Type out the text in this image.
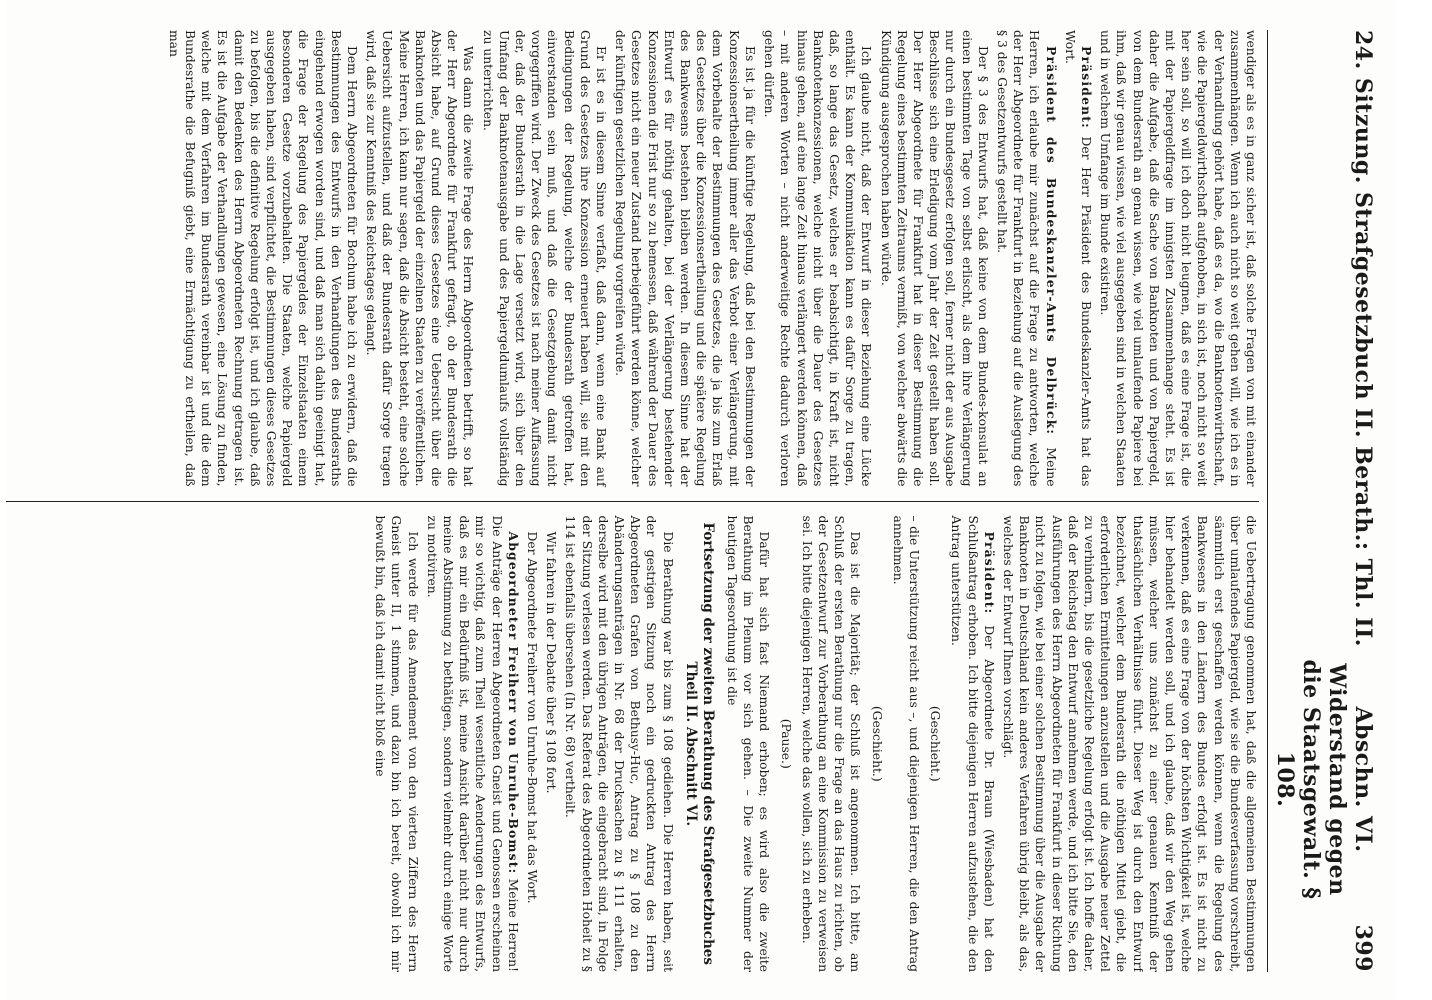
24. Sitzung. Strafgesetzbuch II. Berath.: Thl. II.
Abschn. VI. Widerstand gegen die Staatsgewalt. § 108.
399

wendiger als es in ganz sicher ist, daß solche Fragen von mit einander zusammenhängen. Wenn ich auch nicht so weit gehen will, wie ich es in der Verhandlung gehört habe, daß es da, wo die Banknotenwirthschaft, wie die Papiergeldwirthschaft aufgehoben, in sich ist, noch nicht so weit her sein soll, so will ich doch nicht leugnen, daß es eine Frage ist, die mit der Papiergeldfrage im innigsten Zusammenhange steht. Es ist daher die Aufgabe, daß die Sache von Banknoten und von Papiergeld, von dem Bundesrath an genau wissen, wie viel umlaufende Papiere bei ihm, daß wir genau wissen, wie viel ausgegeben sind in welchen Staaten und in welchem Umfange im Bunde existiren.

Präsident: Der Herr Präsident des Bundeskanzler-Amts hat das Wort.

Präsident des Bundeskanzler-Amts Delbrück: Meine Herren, ich erlaube mir zunächst auf die Frage zu antworten, welche der Herr Abgeordnete für Frankfurt in Beziehung auf die Auslegung des § 3 des Gesetzentwurfs gestellt hat.

Der § 3 des Entwurfs hat, daß keine von dem Bundes-konsulat an einen bestimmten Tage von selbst erlischt, als dem ihre Verlängerung nur durch ein Bundesgesetz erfolgen soll, ferner nicht der aus Ausgabe Beschlüsse sich eine Erledigung vom Jahr der Zeit gestellt haben soll. Der Herr Abgeordnete für Frankfurt hat in dieser Bestimmung die Regelung eines bestimmten Zeitraums vermißt, von welcher abwärts die Kündigung ausgesprochen haben würde.

Ich glaube nicht, daß der Entwurf in dieser Beziehung eine Lücke enthält. Es kann der Kommunikation kann es dafür Sorge zu tragen, daß, so lange das Gesetz, welches er beabsichtigt, in Kraft ist, nicht Banknotenkonzessionen, welche nicht über die Dauer des Gesetzes hinaus gehen, auf eine lange Zeit hinaus verlängert werden können, daß – mit anderen Worten – nicht anderweitige Rechte dadurch verloren gehen dürfen.

Es ist ja für die künftige Regelung, daß bei den Bestimmungen der Konzessionsertheilung immer aller das Verbot einer Verlängerung, mit dem Vorbehalte der Bestimmungen des Gesetzes, die ja bis zum Erlaß des Gesetzes über die Konzessionsertheilung und die spätere Regelung des Bankwesens bestehen bleiben werden. In diesem Sinne hat der Entwurf es für nöthig gehalten, bei der Verlängerung bestehender Konzessionen die Frist nur so zu bemessen, daß während der Dauer des Gesetzes nicht ein neuer Zustand herbeigeführt werden könne, welcher der künftigen gesetzlichen Regelung vorgreifen würde.

Er ist es in diesem Sinne verfaßt, daß dann, wenn eine Bank auf Grund des Gesetzes ihre Konzession erneuert haben will, sie mit den Bedingungen der Regelung, welche der Bundesrath getroffen hat, einverstanden sein muß, und daß die Gesetzgebung damit nicht vorgegriffen wird. Der Zweck des Gesetzes ist nach meiner Auffassung der, daß der Bundesrath in die Lage versetzt wird, sich über den Umfang der Banknotenausgabe und des Papiergeldumlaufs vollständig zu unterrichten.

Was dann die zweite Frage des Herrn Abgeordneten betrifft, so hat der Herr Abgeordnete für Frankfurt gefragt, ob der Bundesrath die Absicht habe, auf Grund dieses Gesetzes eine Uebersicht über die Banknoten und das Papiergeld der einzelnen Staaten zu veröffentlichen. Meine Herren, ich kann nur sagen, daß die Absicht besteht, eine solche Uebersicht aufzustellen, und daß der Bundesrath dafür Sorge tragen wird, daß sie zur Kenntniß des Reichstages gelangt.

Dem Herrn Abgeordneten für Bochum habe ich zu erwidern, daß die Bestimmungen des Entwurfs in den Verhandlungen des Bundesraths eingehend erwogen worden sind, und daß man sich dahin geeinigt hat, die Frage der Regelung des Papiergeldes der Einzelstaaten einem besonderen Gesetze vorzubehalten. Die Staaten, welche Papiergeld ausgegeben haben, sind verpflichtet, die Bestimmungen dieses Gesetzes zu befolgen, bis die definitive Regelung erfolgt ist, und ich glaube, daß damit den Bedenken des Herrn Abgeordneten Rechnung getragen ist. Es ist die Aufgabe der Verhandlungen gewesen, eine Lösung zu finden, welche mit dem Verfahren im Bundesrath vereinbar ist und die dem Bundesrathe die Befugniß giebt, eine Ermächtigung zu ertheilen, daß man

die Uebertragung genommen hat, daß die allgemeinen Bestimmungen über umlaufendes Papiergeld, wie sie die Bundesverfassung vorschreibt, sämmtlich erst geschaffen werden können, wenn die Regelung des Bankwesens in den Ländern des Bundes erfolgt ist. Es ist nicht zu verkennen, daß es eine Frage von der höchsten Wichtigkeit ist, welche hier behandelt werden soll, und ich glaube, daß wir den Weg gehen müssen, welcher uns zunächst zu einer genauen Kenntniß der thatsächlichen Verhältnisse führt. Dieser Weg ist durch den Entwurf bezeichnet, welcher dem Bundesrath die nöthigen Mittel giebt, die erforderlichen Ermittelungen anzustellen und die Ausgabe neuer Zettel zu verhindern, bis die gesetzliche Regelung erfolgt ist. Ich hoffe daher, daß der Reichstag den Entwurf annehmen werde, und ich bitte Sie, den Ausführungen des Herrn Abgeordneten für Frankfurt in dieser Richtung nicht zu folgen, wie bei einer solchen Bestimmung über die Ausgabe der Banknoten in Deutschland kein anderes Verfahren übrig bleibt, als das, welches der Entwurf Ihnen vorschlägt.

Präsident: Der Abgeordnete Dr. Braun (Wiesbaden) hat den Schlußantrag erhoben. Ich bitte diejenigen Herren aufzustehen, die den Antrag unterstützen.

(Geschieht.)

– die Unterstützung reicht aus –, und diejenigen Herren, die den Antrag annehmen.

(Geschieht.)

Das ist die Majorität; der Schluß ist angenommen. Ich bitte, am Schluß der ersten Berathung nur die Frage an das Haus zu richten, ob der Gesetzentwurf zur Vorberathung an eine Kommission zu verweisen sei. Ich bitte diejenigen Herren, welche das wollen, sich zu erheben.

(Pause.)

Dafür hat sich fast Niemand erhoben; es wird also die zweite Berathung im Plenum vor sich gehen. – Die zweite Nummer der heutigen Tagesordnung ist die

Fortsetzung der zweiten Berathung des Strafgesetzbuches Theil II. Abschnitt VI.

Die Berathung war bis zum § 108 gediehen. Die Herren haben, seit der gestrigen Sitzung noch ein gedruckten Antrag des Herrn Abgeordneten Grafen von Bethusy-Huc, Antrag zu § 108 zu den Abänderungsanträgen in Nr. 68 der Drucksachen zu § 111 erhalten, derselbe wird mit den übrigen Anträgen, die eingebracht sind, in Folge der Sitzung verlesen werden. Das Referat des Abgeordneten Hoheit zu § 114 ist ebenfalls übersehen (In Nr. 68) vertheilt.

Wir fahren in der Debatte über § 108 fort.

Der Abgeordnete Freiherr von Unruhe-Bomst hat das Wort.

Abgeordneter Freiherr von Unruhe-Bomst: Meine Herren! Die Anträge der Herren Abgeordneten Gneist und Genossen erscheinen mir so wichtig, daß zum Theil wesentliche Aenderungen des Entwurfs, daß es mir ein Bedürfniß ist, meine Ansicht darüber nicht nur durch meine Abstimmung zu bethätigen, sondern vielmehr durch einige Worte zu motiviren.

Ich werde für das Amendement von den vierten Ziffern des Herrn Gneist unter II, 1 stimmen, und dazu bin ich bereit, obwohl ich mir bewußt bin, daß ich damit nicht bloß eine
